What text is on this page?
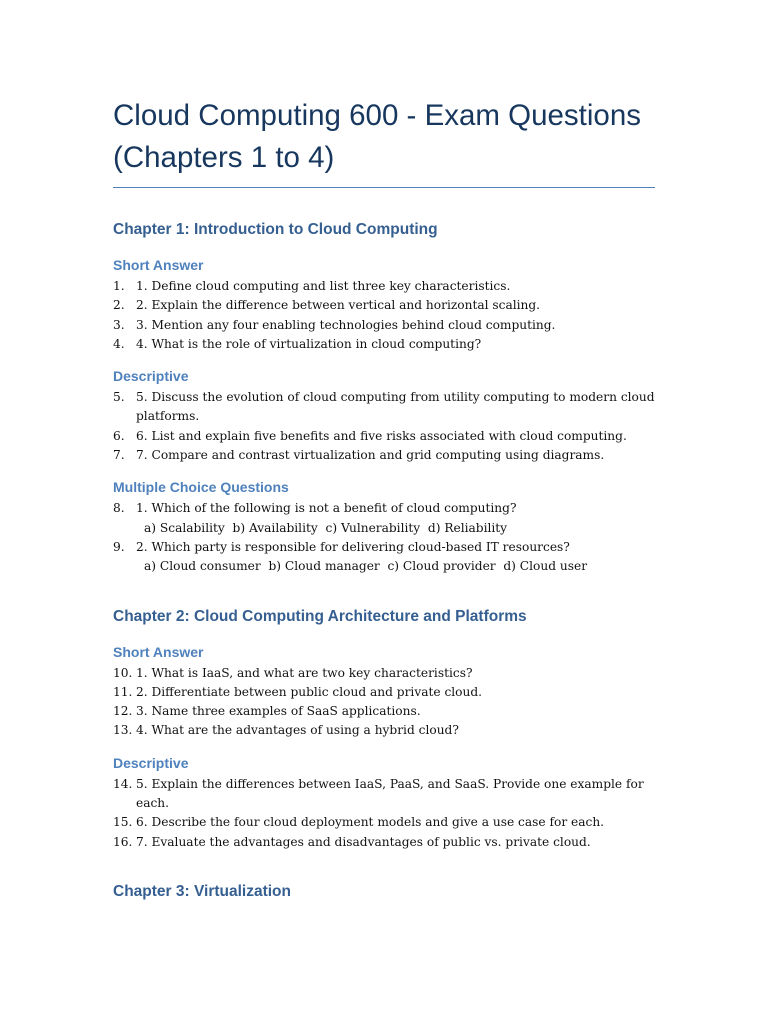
Cloud Computing 600 - Exam Questions (Chapters 1 to 4)
Chapter 1: Introduction to Cloud Computing
Short Answer
1. 1. Define cloud computing and list three key characteristics.
2. 2. Explain the difference between vertical and horizontal scaling.
3. 3. Mention any four enabling technologies behind cloud computing.
4. 4. What is the role of virtualization in cloud computing?
Descriptive
5. 5. Discuss the evolution of cloud computing from utility computing to modern cloud platforms.
6. 6. List and explain five benefits and five risks associated with cloud computing.
7. 7. Compare and contrast virtualization and grid computing using diagrams.
Multiple Choice Questions
8. 1. Which of the following is not a benefit of cloud computing?
a) Scalability  b) Availability  c) Vulnerability  d) Reliability
9. 2. Which party is responsible for delivering cloud-based IT resources?
a) Cloud consumer  b) Cloud manager  c) Cloud provider  d) Cloud user
Chapter 2: Cloud Computing Architecture and Platforms
Short Answer
10. 1. What is IaaS, and what are two key characteristics?
11. 2. Differentiate between public cloud and private cloud.
12. 3. Name three examples of SaaS applications.
13. 4. What are the advantages of using a hybrid cloud?
Descriptive
14. 5. Explain the differences between IaaS, PaaS, and SaaS. Provide one example for each.
15. 6. Describe the four cloud deployment models and give a use case for each.
16. 7. Evaluate the advantages and disadvantages of public vs. private cloud.
Chapter 3: Virtualization
